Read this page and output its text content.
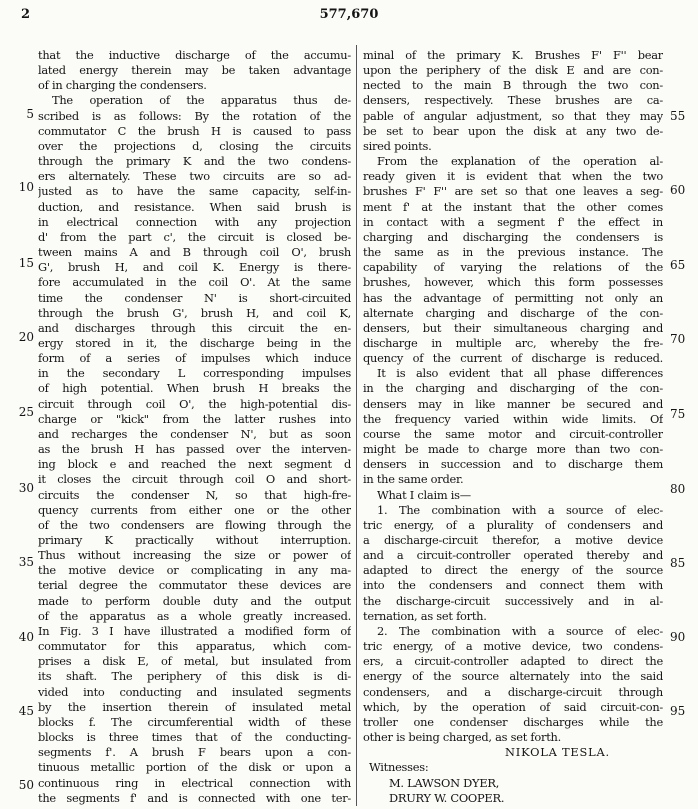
2	577,670
that the inductive discharge of the accumu-
lated energy therein may be taken advantage
of in charging the condensers.
The operation of the apparatus thus de-
scribed is as follows: By the rotation of the
commutator C the brush H is caused to pass
over the projections d, closing the circuits
through the primary K and the two condens-
ers alternately. These two circuits are so ad-
justed as to have the same capacity, self-in-
duction, and resistance. When said brush is
in electrical connection with any projection
d' from the part c', the circuit is closed be-
tween mains A and B through coil O', brush
G', brush H, and coil K. Energy is there-
fore accumulated in the coil O'. At the same
time the condenser N' is short-circuited
through the brush G', brush H, and coil K,
and discharges through this circuit the en-
ergy stored in it, the discharge being in the
form of a series of impulses which induce
in the secondary L corresponding impulses
of high potential. When brush H breaks the
circuit through coil O', the high-potential dis-
charge or "kick" from the latter rushes into
and recharges the condenser N', but as soon
as the brush H has passed over the interven-
ing block e and reached the next segment d
it closes the circuit through coil O and short-
circuits the condenser N, so that high-fre-
quency currents from either one or the other
of the two condensers are flowing through the
primary K practically without interruption.
Thus without increasing the size or power of
the motive device or complicating in any ma-
terial degree the commutator these devices are
made to perform double duty and the output
of the apparatus as a whole greatly increased.
In Fig. 3 I have illustrated a modified form of
commutator for this apparatus, which com-
prises a disk E, of metal, but insulated from
its shaft. The periphery of this disk is di-
vided into conducting and insulated segments
by the insertion therein of insulated metal
blocks f. The circumferential width of these
blocks is three times that of the conducting-
segments f'. A brush F bears upon a con-
tinuous metallic portion of the disk or upon a
continuous ring in electrical connection with
the segments f' and is connected with one ter-
minal of the primary K. Brushes F' F'' bear
upon the periphery of the disk E and are con-
nected to the main B through the two con-
densers, respectively. These brushes are ca-
pable of angular adjustment, so that they may
be set to bear upon the disk at any two de-
sired points.
From the explanation of the operation al-
ready given it is evident that when the two
brushes F' F'' are set so that one leaves a seg-
ment f' at the instant that the other comes
in contact with a segment f' the effect in
charging and discharging the condensers is
the same as in the previous instance. The
capability of varying the relations of the
brushes, however, which this form possesses
has the advantage of permitting not only an
alternate charging and discharge of the con-
densers, but their simultaneous charging and
discharge in multiple arc, whereby the fre-
quency of the current of discharge is reduced.
It is also evident that all phase differences
in the charging and discharging of the con-
densers may in like manner be secured and
the frequency varied within wide limits. Of
course the same motor and circuit-controller
might be made to charge more than two con-
densers in succession and to discharge them
in the same order.
What I claim is—
1. The combination with a source of elec-
tric energy, of a plurality of condensers and
a discharge-circuit therefor, a motive device
and a circuit-controller operated thereby and
adapted to direct the energy of the source
into the condensers and connect them with
the discharge-circuit successively and in al-
ternation, as set forth.
2. The combination with a source of elec-
tric energy, of a motive device, two condens-
ers, a circuit-controller adapted to direct the
energy of the source alternately into the said
condensers, and a discharge-circuit through
which, by the operation of said circuit-con-
troller one condenser discharges while the
other is being charged, as set forth.
NIKOLA TESLA.
Witnesses:
M. LAWSON DYER,
DRURY W. COOPER.
5
10
15
20
25
30
35
40
45
50
55
60
65
70
75
80
85
90
95
